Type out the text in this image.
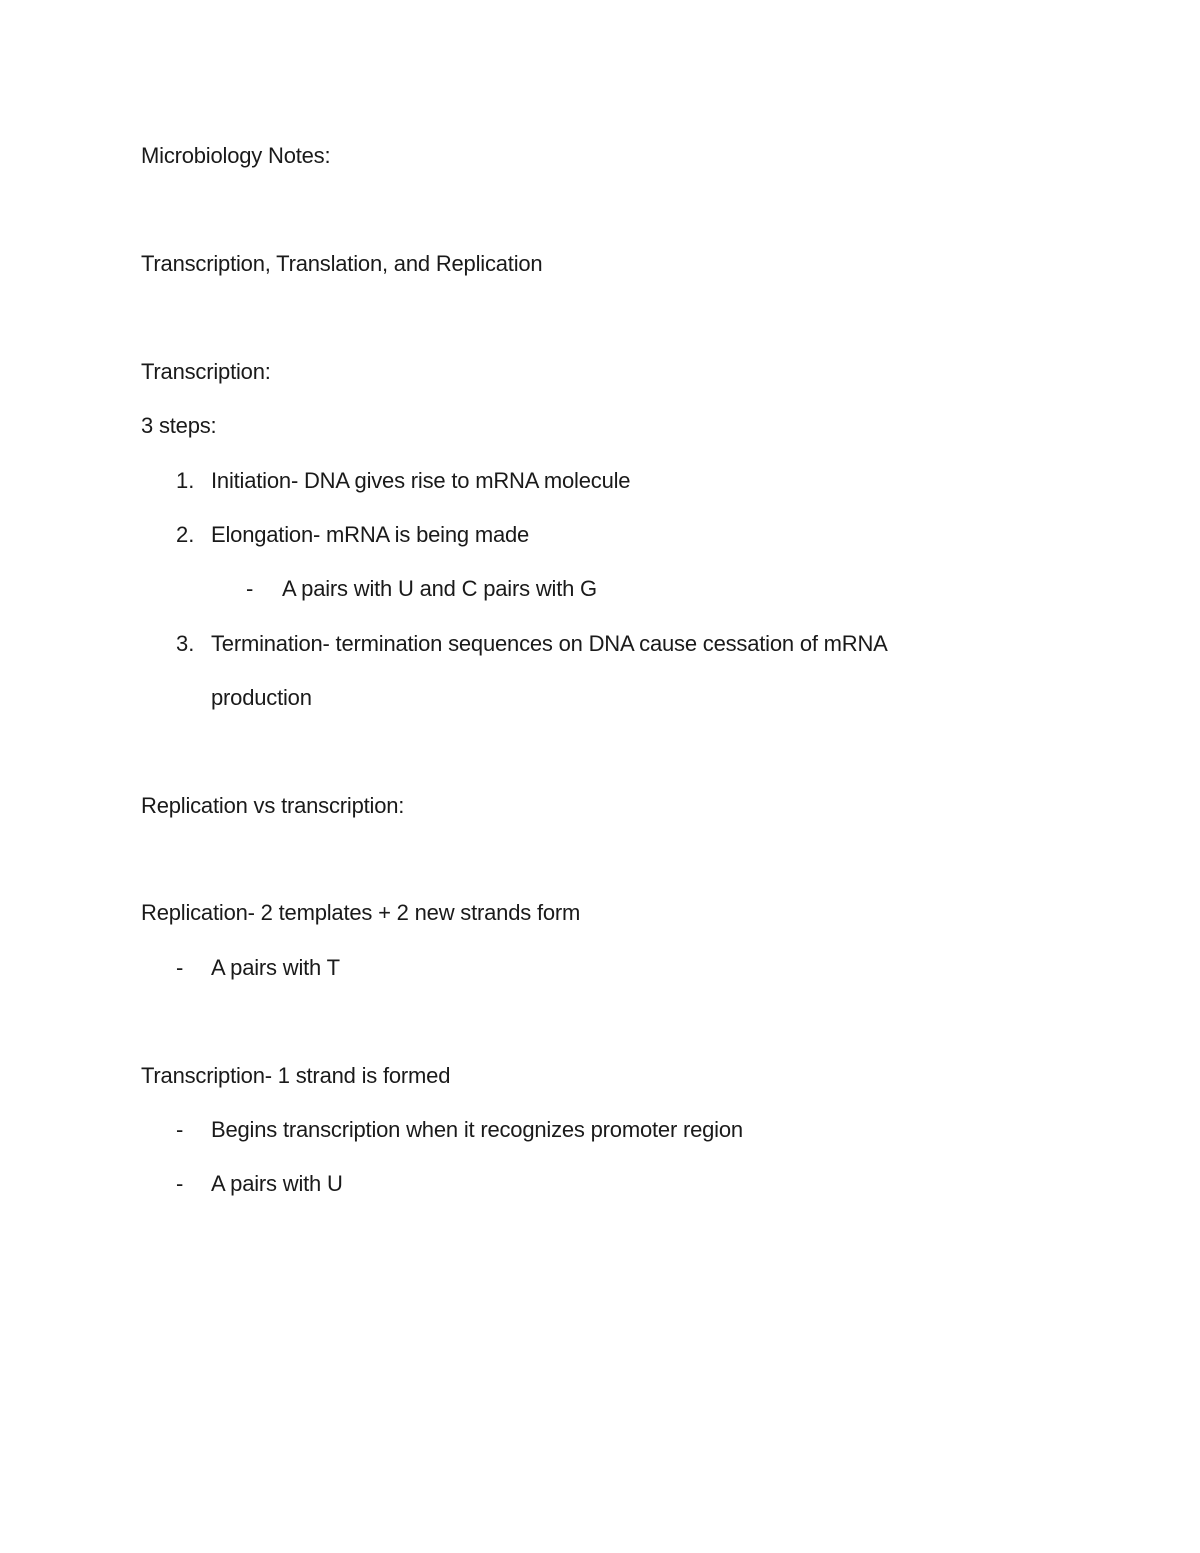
Microbiology Notes:
Transcription, Translation, and Replication
Transcription:
3 steps:
1. Initiation- DNA gives rise to mRNA molecule
2. Elongation- mRNA is being made
- A pairs with U and C pairs with G
3. Termination- termination sequences on DNA cause cessation of mRNA
production
Replication vs transcription:
Replication- 2 templates + 2 new strands form
- A pairs with T
Transcription- 1 strand is formed
- Begins transcription when it recognizes promoter region
- A pairs with U
